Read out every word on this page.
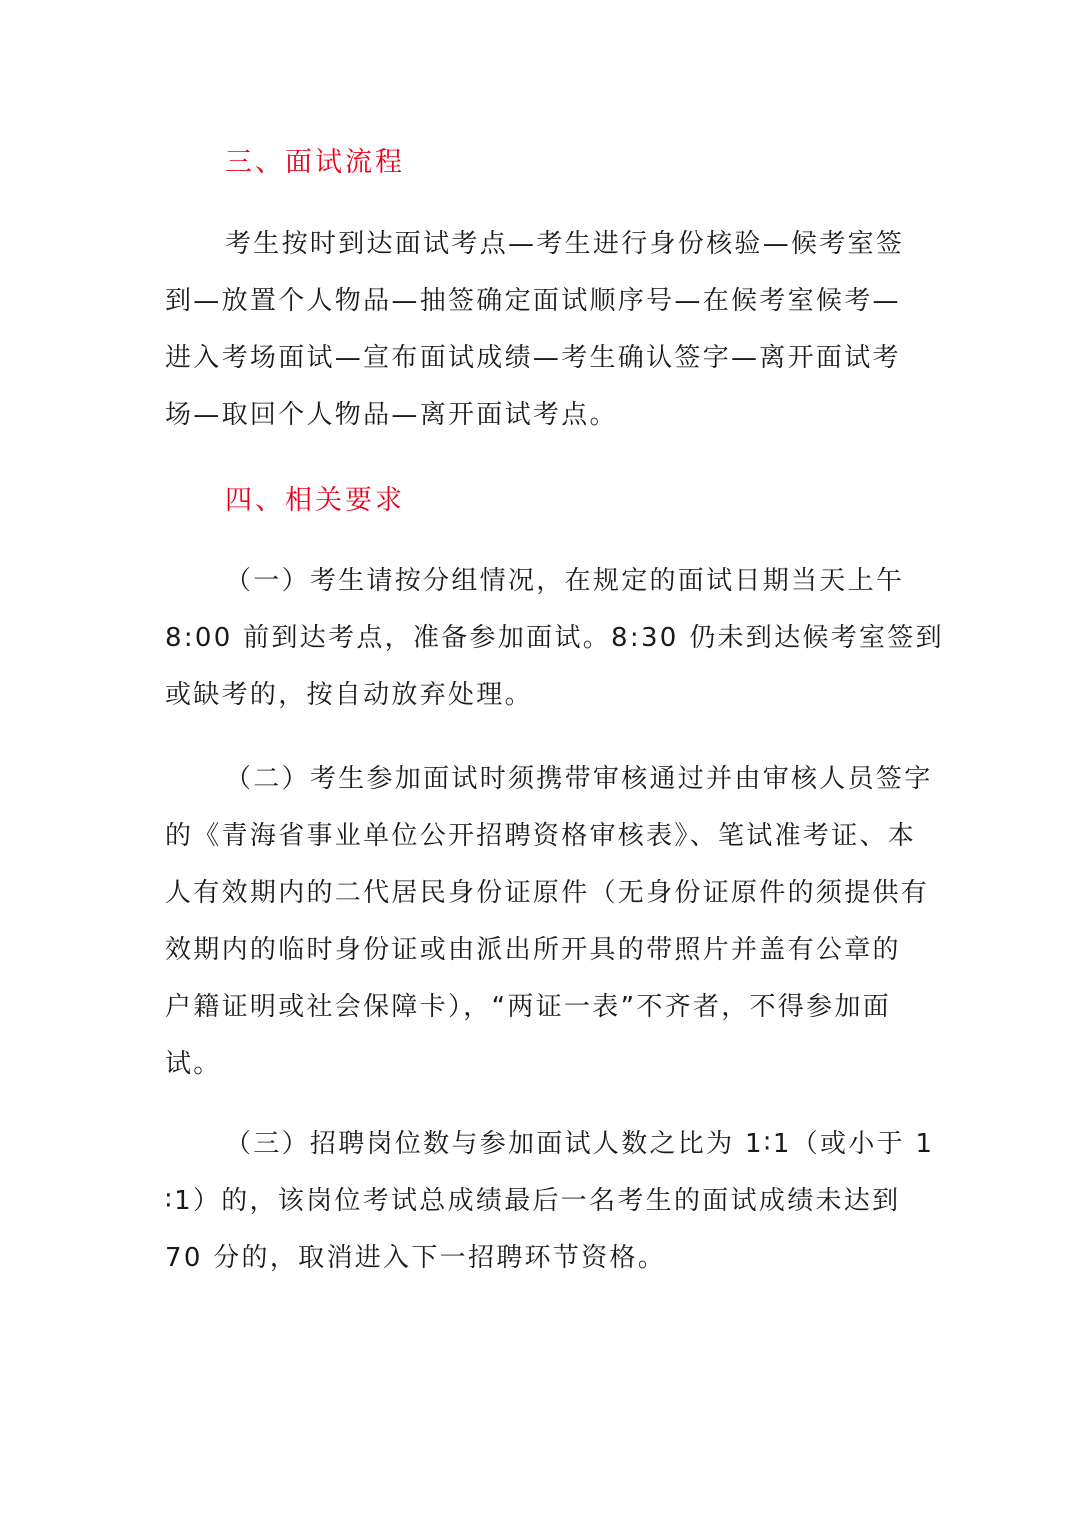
三、面试流程
考生按时到达面试考点—考生进行身份核验—候考室签
到—放置个人物品—抽签确定面试顺序号—在候考室候考—
进入考场面试—宣布面试成绩—考生确认签字—离开面试考
场—取回个人物品—离开面试考点。
四、相关要求
（一）考生请按分组情况，在规定的面试日期当天上午
8:00 前到达考点，准备参加面试。8:30 仍未到达候考室签到
或缺考的，按自动放弃处理。
（二）考生参加面试时须携带审核通过并由审核人员签字
的《青海省事业单位公开招聘资格审核表》、笔试准考证、本
人有效期内的二代居民身份证原件（无身份证原件的须提供有
效期内的临时身份证或由派出所开具的带照片并盖有公章的
户籍证明或社会保障卡），“两证一表”不齐者，不得参加面
试。
（三）招聘岗位数与参加面试人数之比为 1∶1（或小于 1
∶1）的，该岗位考试总成绩最后一名考生的面试成绩未达到
70 分的，取消进入下一招聘环节资格。
